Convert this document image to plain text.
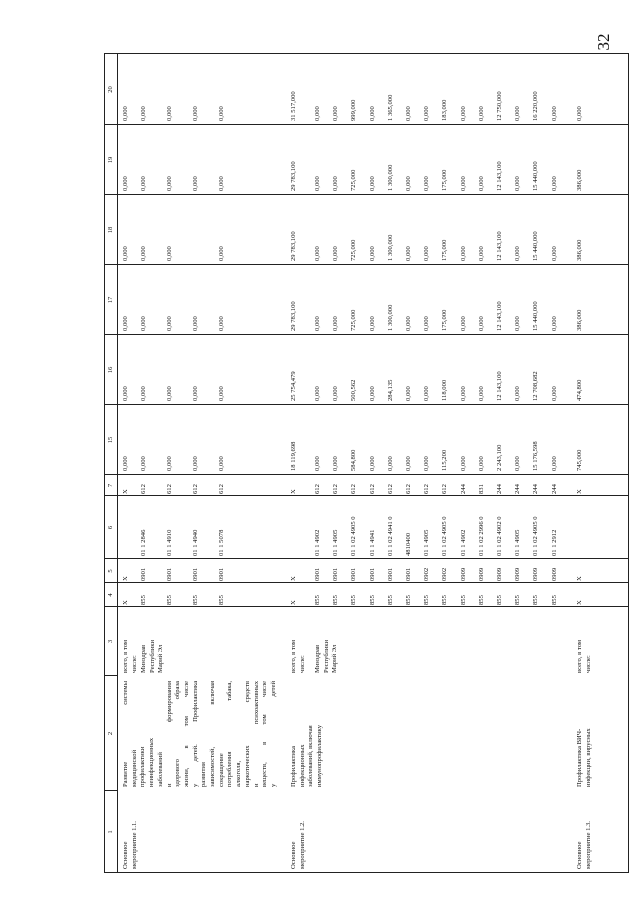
32
1
2
3
4
5
6
7
15
16
17
18
19
20
Основное
мероприятие 1.1.
Развитие системы
медицинской
профилактики
неинфекционных
заболеваний
и формирования
здорового образа
жизни, в том числе
у детей. Профилактика
развития
зависимостей, включая
сокращение
потребления табака,
алкоголя,
наркотических средств
и психоактивных
веществ, в том числе
у детей
всего, в том
числе: Минздрав
Республики
Марий Эл
X
X
X
0,000
0,000
0,000
0,000
0,000
0,000
855
0901
01 1 2846
612
0,000
0,000
0,000
0,000
0,000
0,000
855
0901
01 1 4910
612
0,000
0,000
0,000
0,000
0,000
0,000
855
0901
01 1 4940
612
0,000
0,000
0,000
0,000
0,000
855
0901
01 1 5078
612
0,000
0,000
0,000
0,000
0,000
0,000
Основное
мероприятие 1.2.
Профилактика
инфекционных
заболеваний, включая
иммунопрофилактику
всего, в том
числе: Минздрав
Республики
Марий Эл
X
X
X
18 119,698
25 754,479
29 783,100
29 783,100
29 783,100
31 517,000
855
0901
01 1 4902
612
0,000
0,000
0,000
0,000
0,000
0,000
855
0901
01 1 4905
612
0,000
0,000
0,000
0,000
0,000
0,000
855
0901
01 1 02 4905 0
612
584,800
500,562
725,000
725,000
725,000
999,000
855
0901
01 1 4941
612
0,000
0,000
0,000
0,000
0,000
0,000
855
0901
01 1 02 4941 0
612
0,000
284,135
1 300,000
1 300,000
1 300,000
1 365,000
855
0901
4810400
612
0,000
0,000
0,000
0,000
0,000
0,000
855
0902
01 1 4905
612
0,000
0,000
0,000
0,000
0,000
0,000
855
0902
01 1 02 4905 0
612
115,200
118,000
175,000
175,000
175,000
183,000
855
0909
01 1 4902
244
0,000
0,000
0,000
0,000
0,000
0,000
855
0909
01 1 02 2996 0
831
0,000
0,000
0,000
0,000
0,000
0,000
855
0909
01 1 02 4902 0
244
2 243,100
12 143,100
12 143,100
12 143,100
12 143,100
12 750,000
855
0909
01 1 4905
244
0,000
0,000
0,000
0,000
0,000
0,000
855
0909
01 1 02 4905 0
244
15 176,598
12 708,682
15 440,000
15 440,000
15 440,000
16 220,000
855
0909
01 1 2912
244
0,000
0,000
0,000
0,000
0,000
0,000
Основное
мероприятие 1.3.
Профилактика ВИЧ-
инфекции, вирусных
всего, в том
числе:
X
X
X
745,000
474,800
386,000
386,000
386,000
0,000
